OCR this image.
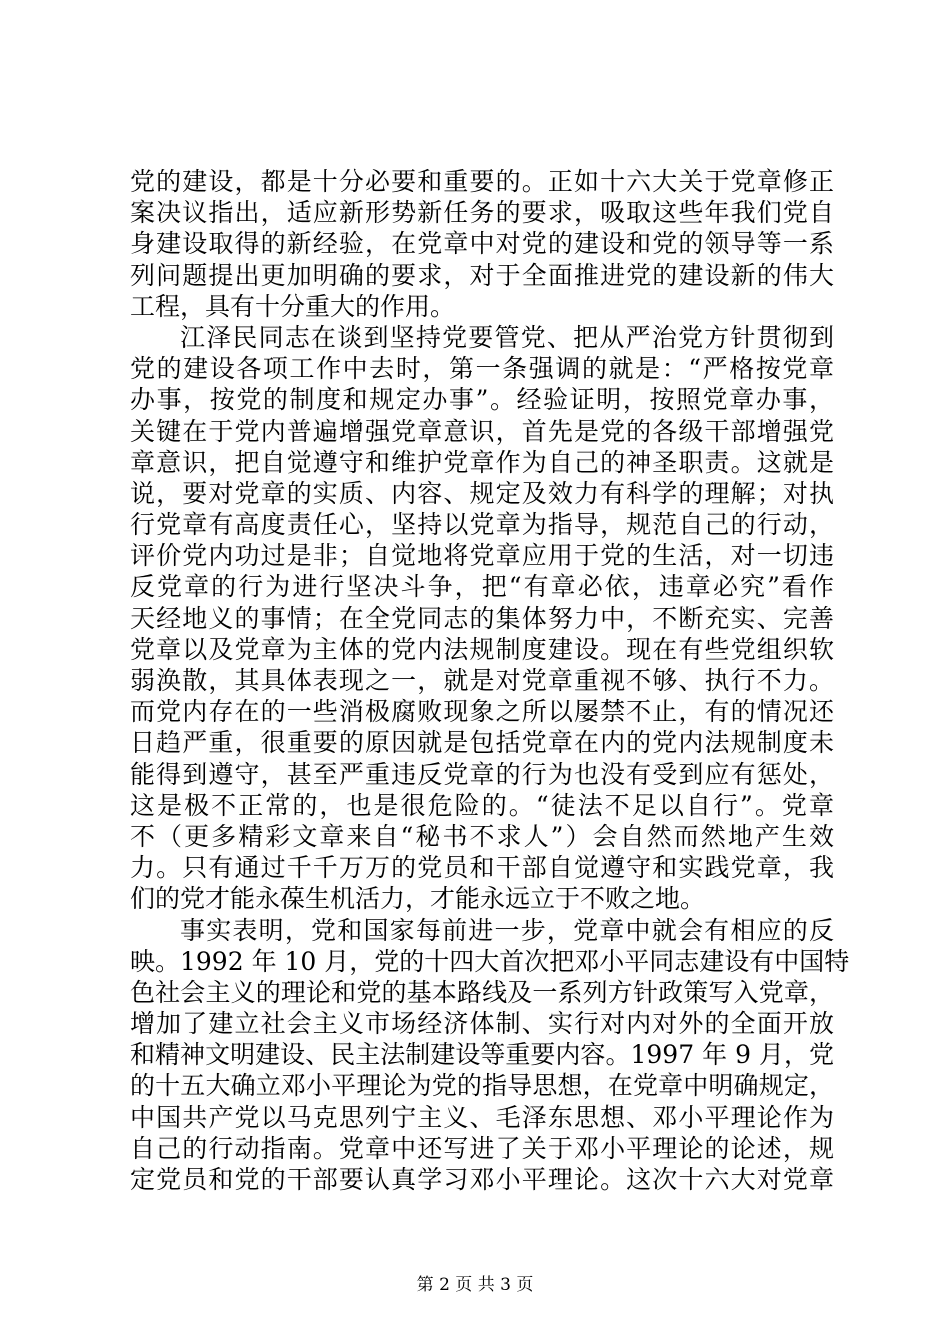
党的建设，都是十分必要和重要的。正如十六大关于党章修正
案决议指出，适应新形势新任务的要求，吸取这些年我们党自
身建设取得的新经验，在党章中对党的建设和党的领导等一系
列问题提出更加明确的要求，对于全面推进党的建设新的伟大
工程，具有十分重大的作用。
江泽民同志在谈到坚持党要管党、把从严治党方针贯彻到
党的建设各项工作中去时，第一条强调的就是：“严格按党章
办事，按党的制度和规定办事”。经验证明，按照党章办事，
关键在于党内普遍增强党章意识，首先是党的各级干部增强党
章意识，把自觉遵守和维护党章作为自己的神圣职责。这就是
说，要对党章的实质、内容、规定及效力有科学的理解；对执
行党章有高度责任心，坚持以党章为指导，规范自己的行动，
评价党内功过是非；自觉地将党章应用于党的生活，对一切违
反党章的行为进行坚决斗争，把“有章必依，违章必究”看作
天经地义的事情；在全党同志的集体努力中，不断充实、完善
党章以及党章为主体的党内法规制度建设。现在有些党组织软
弱涣散，其具体表现之一，就是对党章重视不够、执行不力。
而党内存在的一些消极腐败现象之所以屡禁不止，有的情况还
日趋严重，很重要的原因就是包括党章在内的党内法规制度未
能得到遵守，甚至严重违反党章的行为也没有受到应有惩处，
这是极不正常的，也是很危险的。“徒法不足以自行”。党章
不（更多精彩文章来自“秘书不求人”）会自然而然地产生效
力。只有通过千千万万的党员和干部自觉遵守和实践党章，我
们的党才能永葆生机活力，才能永远立于不败之地。
事实表明，党和国家每前进一步，党章中就会有相应的反
映。1992 年 10 月，党的十四大首次把邓小平同志建设有中国特
色社会主义的理论和党的基本路线及一系列方针政策写入党章，
增加了建立社会主义市场经济体制、实行对内对外的全面开放
和精神文明建设、民主法制建设等重要内容。1997 年 9 月，党
的十五大确立邓小平理论为党的指导思想，在党章中明确规定，
中国共产党以马克思列宁主义、毛泽东思想、邓小平理论作为
自己的行动指南。党章中还写进了关于邓小平理论的论述，规
定党员和党的干部要认真学习邓小平理论。这次十六大对党章
第 2 页 共 3 页
